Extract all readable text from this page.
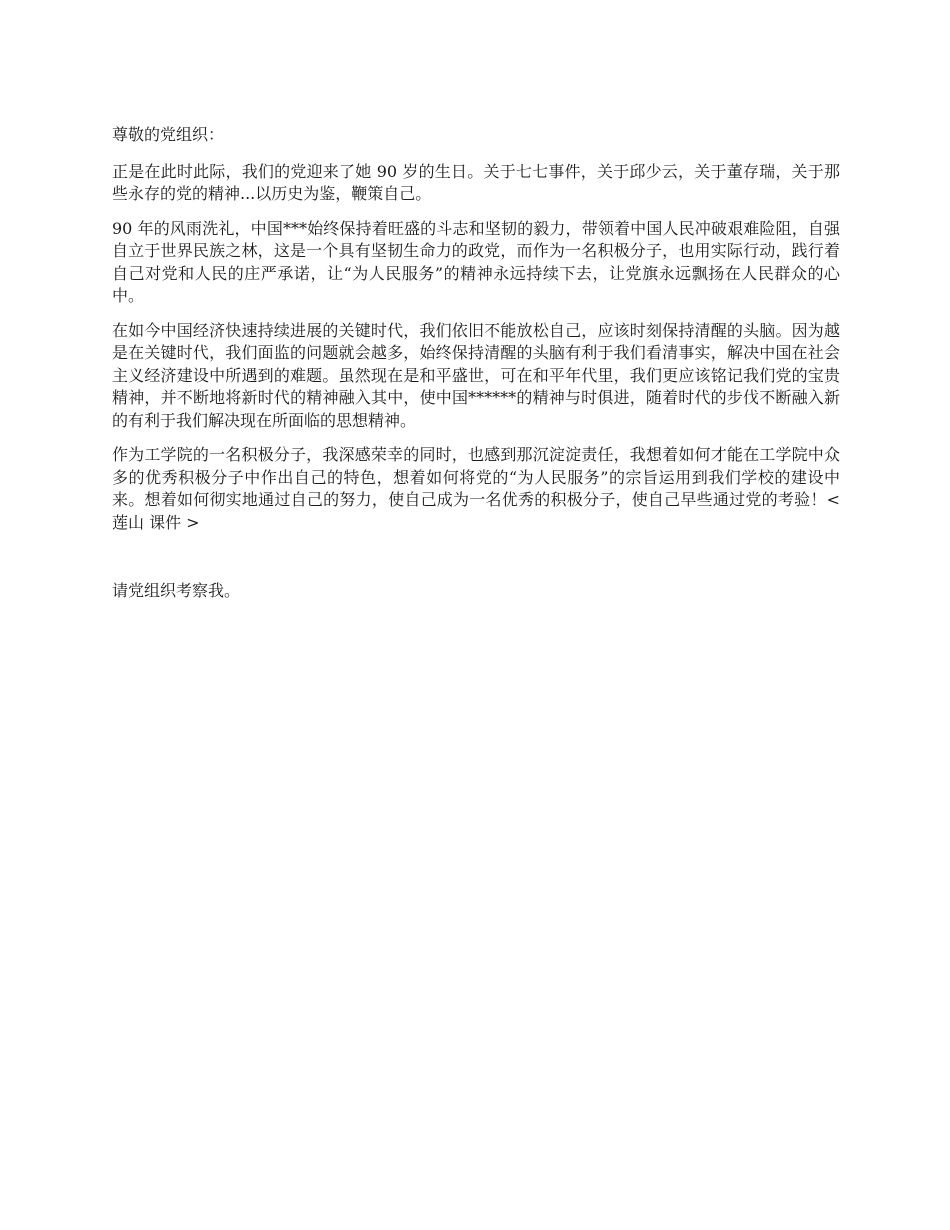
尊敬的党组织：

正是在此时此际，我们的党迎来了她 90 岁的生日。关于七七事件，关于邱少云，关于董存瑞，关于那些永存的党的精神...以历史为鉴，鞭策自己。

90 年的风雨洗礼，中国***始终保持着旺盛的斗志和坚韧的毅力，带领着中国人民冲破艰难险阻，自强自立于世界民族之林，这是一个具有坚韧生命力的政党，而作为一名积极分子，也用实际行动，践行着自己对党和人民的庄严承诺，让“为人民服务”的精神永远持续下去，让党旗永远飘扬在人民群众的心中。

在如今中国经济快速持续进展的关键时代，我们依旧不能放松自己，应该时刻保持清醒的头脑。因为越是在关键时代，我们面监的问题就会越多，始终保持清醒的头脑有利于我们看清事实，解决中国在社会主义经济建设中所遇到的难题。虽然现在是和平盛世，可在和平年代里，我们更应该铭记我们党的宝贵精神，并不断地将新时代的精神融入其中，使中国******的精神与时俱进，随着时代的步伐不断融入新的有利于我们解决现在所面临的思想精神。

作为工学院的一名积极分子，我深感荣幸的同时，也感到那沉淀淀责任，我想着如何才能在工学院中众多的优秀积极分子中作出自己的特色，想着如何将党的“为人民服务”的宗旨运用到我们学校的建设中来。想着如何彻实地通过自己的努力，使自己成为一名优秀的积极分子，使自己早些通过党的考验！<莲山 课件 >

请党组织考察我。
